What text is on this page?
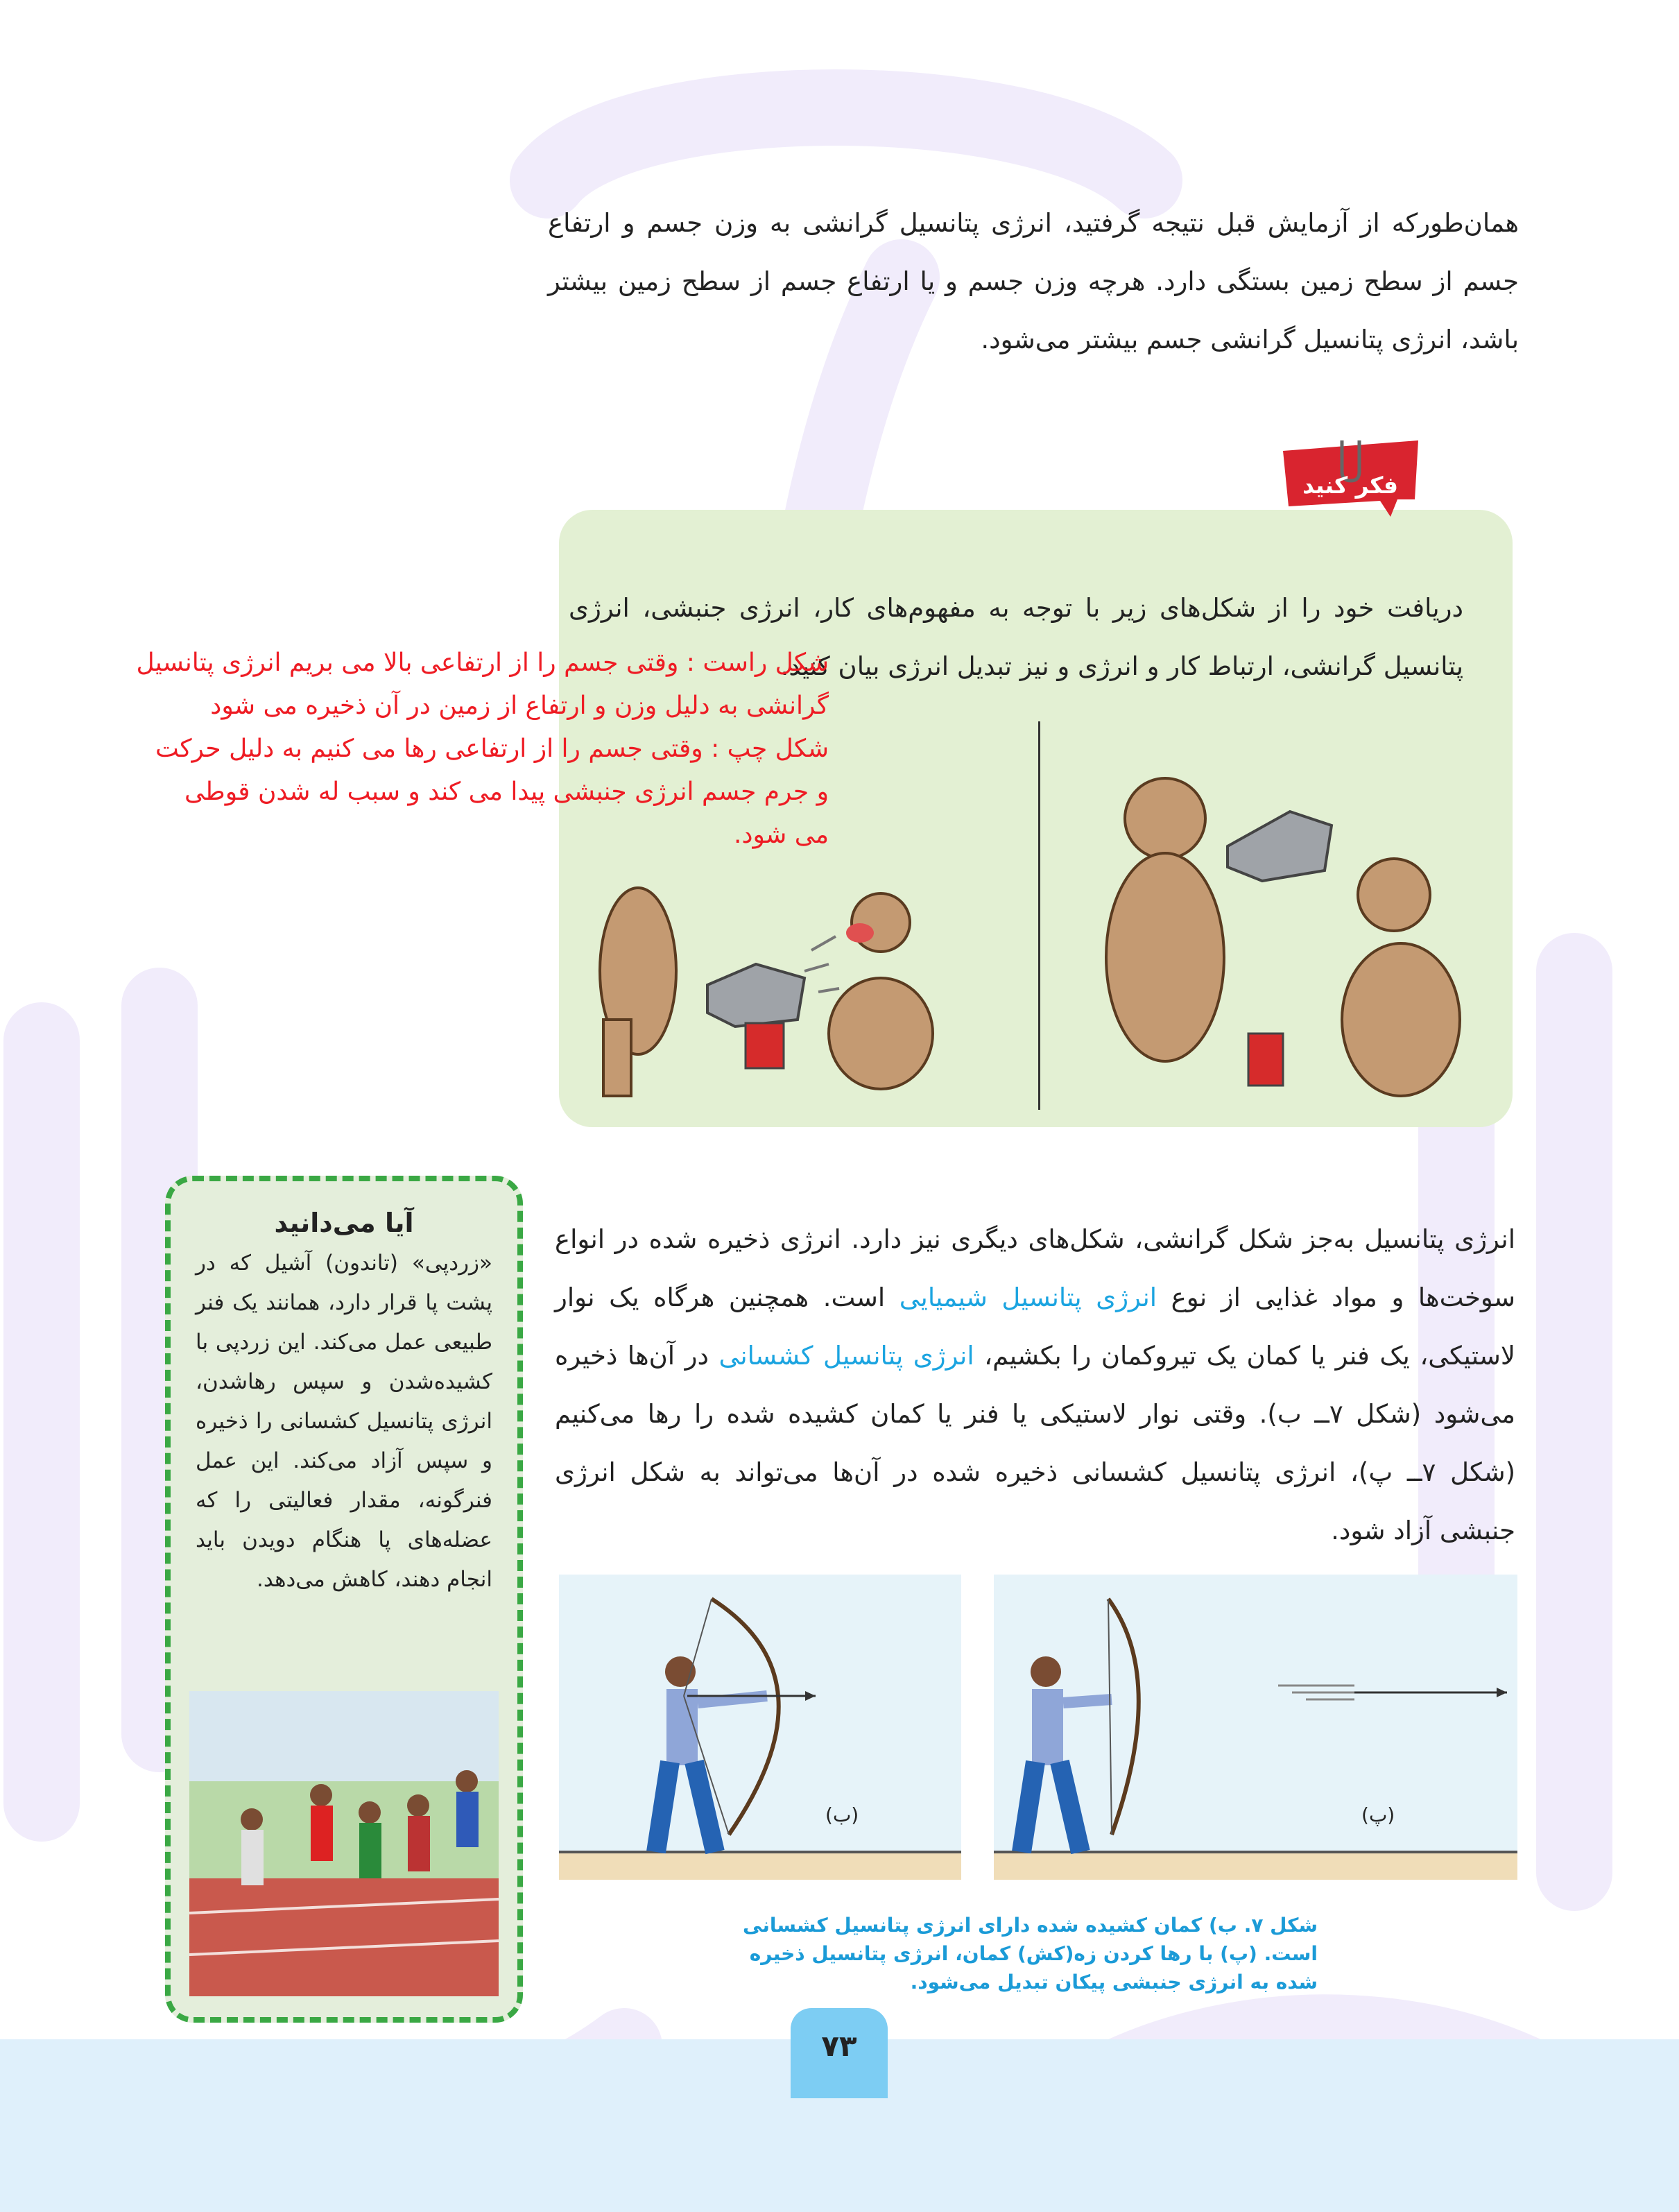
همان‌طورکه از آزمایش قبل نتیجه گرفتید، انرژی پتانسیل گرانشی به وزن جسم و ارتفاع جسم از سطح زمین بستگی دارد. هرچه وزن جسم و یا ارتفاع جسم از سطح زمین بیشتر باشد، انرژی پتانسیل گرانشی جسم بیشتر می‌شود.
فکر کنید
دریافت خود را از شکل‌های زیر با توجه به مفهوم‌های کار، انرژی جنبشی، انرژی پتانسیل گرانشی، ارتباط کار و انرژی و نیز تبدیل انرژی بیان کنید.
شکل راست : وقتی جسم را از ارتفاعی بالا می بریم انرژی پتانسیل
گرانشی به دلیل وزن و ارتفاع از زمین در آن ذخیره می شود
شکل چپ : وقتی جسم را از ارتفاعی رها می کنیم به دلیل حرکت
و جرم جسم انرژی جنبشی پیدا می کند و سبب له شدن قوطی
می شود.
انرژی پتانسیل به‌جز شکل گرانشی، شکل‌های دیگری نیز دارد. انرژی ذخیره شده در انواع سوخت‌ها و مواد غذایی از نوع انرژی پتانسیل شیمیایی است. همچنین هرگاه یک نوار لاستیکی، یک فنر یا کمان یک تیروکمان را بکشیم، انرژی پتانسیل کشسانی در آن‌ها ذخیره می‌شود (شکل ۷ــ ب). وقتی نوار لاستیکی یا فنر یا کمان کشیده شده را رها می‌کنیم (شکل ۷ــ پ)، انرژی پتانسیل کشسانی ذخیره شده در آن‌ها می‌تواند به شکل انرژی جنبشی آزاد شود.
آیا می‌دانید
«زردپی» (تاندون) آشیل که در پشت پا قرار دارد، همانند یک فنر طبیعی عمل می‌کند. این زردپی با کشیده‌شدن و سپس رهاشدن، انرژی پتانسیل کشسانی را ذخیره و سپس آزاد می‌کند. این عمل فنرگونه، مقدار فعالیتی را که عضله‌های پا هنگام دویدن باید انجام دهند، کاهش می‌دهد.
(ب)	(پ)
شکل ۷. ب) کمان کشیده شده دارای انرژی پتانسیل کشسانی است. (پ) با رها کردن زه(کش) کمان، انرژی پتانسیل ذخیره شده به انرژی جنبشی پیکان تبدیل می‌شود.
۷۳
